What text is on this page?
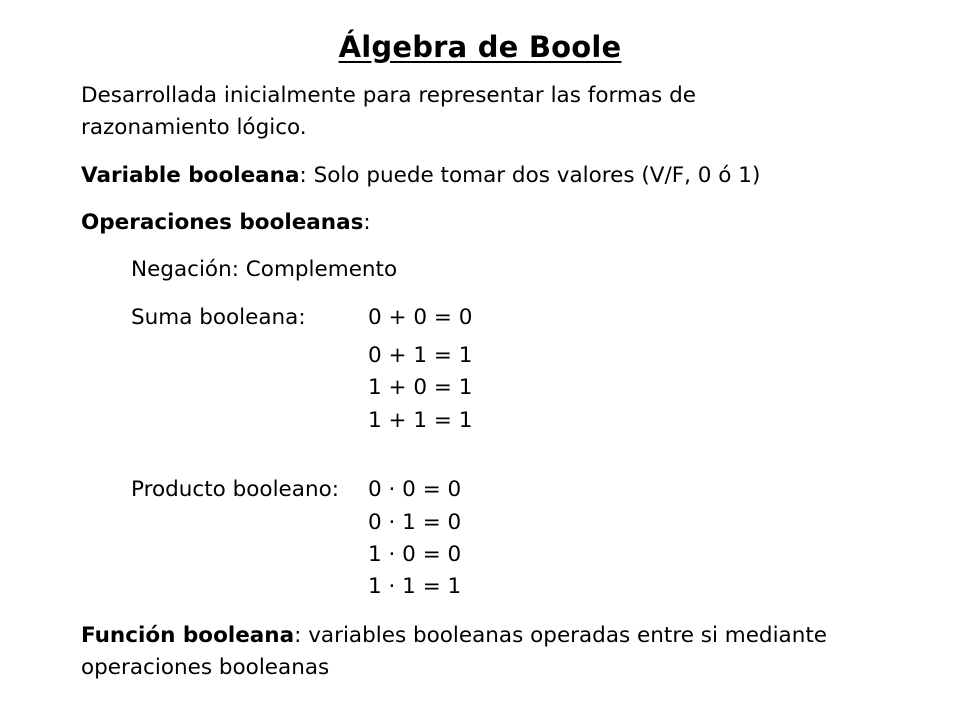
Álgebra de Boole
Desarrollada inicialmente para representar las formas de
razonamiento lógico.
Variable booleana: Solo puede tomar dos valores (V/F, 0 ó 1)
Operaciones booleanas:
Negación: Complemento
Suma booleana:	0 + 0 = 0
0 + 1 = 1
1 + 0 = 1
1 + 1 = 1
Producto booleano: 0 · 0 = 0
0 · 1 = 0
1 · 0 = 0
1 · 1 = 1
Función booleana: variables booleanas operadas entre si mediante
operaciones booleanas
